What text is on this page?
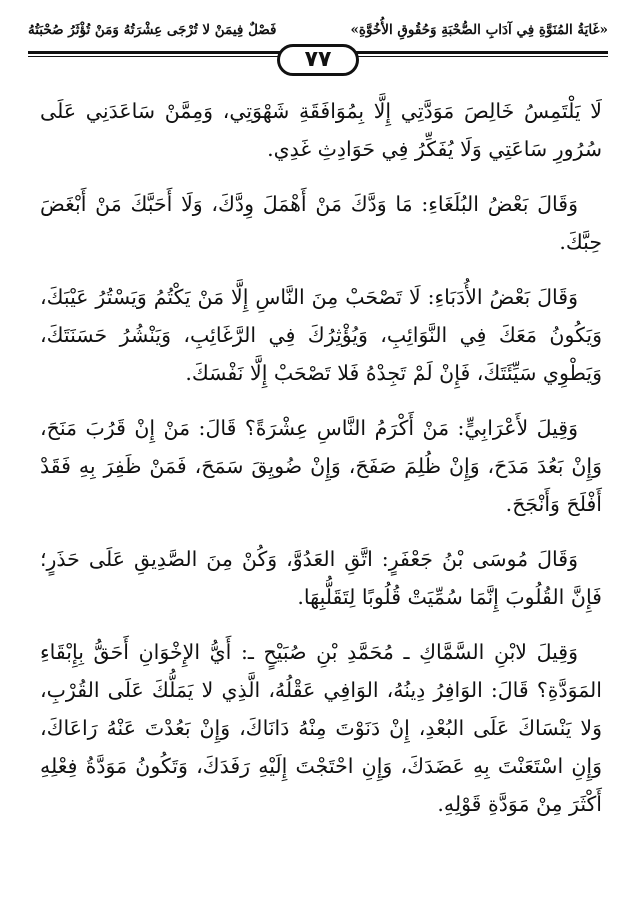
«غَايَةُ المُنَوَّةِ فِي آدَابِ الصُّحْبَةِ وَحُقُوقِ الأُخُوَّةِ»
فَصْلٌ فِيمَنْ لا تُرْجَى عِشْرَتُهُ وَمَنْ تُؤْثَرُ صُحْبَتُهُ
٧٧

لَا يَلْتَمِسُ خَالِصَ مَوَدَّتِي إِلَّا بِمُوَافَقَةِ شَهْوَتِي، وَمِمَّنْ سَاعَدَنِي عَلَى سُرُورِ سَاعَتِي وَلَا يُفَكِّرُ فِي حَوَادِثِ غَدِي.

وَقَالَ بَعْضُ البُلَغَاءِ: مَا وَدَّكَ مَنْ أَهْمَلَ وِدَّكَ، وَلَا أَحَبَّكَ مَنْ أَبْغَضَ حِبَّكَ.

وَقَالَ بَعْضُ الأُدَبَاءِ: لَا تَصْحَبْ مِنَ النَّاسِ إِلَّا مَنْ يَكْتُمُ وَيَسْتُرُ عَيْبَكَ، وَيَكُونُ مَعَكَ فِي النَّوَائِبِ، وَيُؤْثِرُكَ فِي الرَّغَائِبِ، وَيَنْشُرُ حَسَنَتَكَ، وَيَطْوِي سَيِّئَتَكَ، فَإِنْ لَمْ تَجِدْهُ فَلا تَصْحَبْ إِلَّا نَفْسَكَ.

وَقِيلَ لأَعْرَابِيٍّ: مَنْ أَكْرَمُ النَّاسِ عِشْرَةً؟ قَالَ: مَنْ إِنْ قَرُبَ مَنَحَ، وَإِنْ بَعُدَ مَدَحَ، وَإِنْ ظُلِمَ صَفَحَ، وَإِنْ ضُويِقَ سَمَحَ، فَمَنْ ظَفِرَ بِهِ فَقَدْ أَفْلَحَ وَأَنْجَحَ.

وَقَالَ مُوسَى بْنُ جَعْفَرٍ: اتَّقِ العَدُوَّ، وَكُنْ مِنَ الصَّدِيقِ عَلَى حَذَرٍ؛ فَإِنَّ القُلُوبَ إِنَّمَا سُمِّيَتْ قُلُوبًا لِتَقَلُّبِهَا.

وَقِيلَ لابْنِ السَّمَّاكِ ـ مُحَمَّدِ بْنِ صُبَيْحٍ ـ: أَيُّ الإِخْوَانِ أَحَقُّ بِإِبْقَاءِ المَوَدَّةِ؟ قَالَ: الوَافِرُ دِينُهُ، الوَافِي عَقْلُهُ، الَّذِي لا يَمَلُّكَ عَلَى القُرْبِ، وَلا يَنْسَاكَ عَلَى البُعْدِ، إِنْ دَنَوْتَ مِنْهُ دَانَاكَ، وَإِنْ بَعُدْتَ عَنْهُ رَاعَاكَ، وَإِنِ اسْتَعَنْتَ بِهِ عَضَدَكَ، وَإِنِ احْتَجْتَ إِلَيْهِ رَفَدَكَ، وَتَكُونُ مَوَدَّةُ فِعْلِهِ أَكْثَرَ مِنْ مَوَدَّةِ قَوْلِهِ.
